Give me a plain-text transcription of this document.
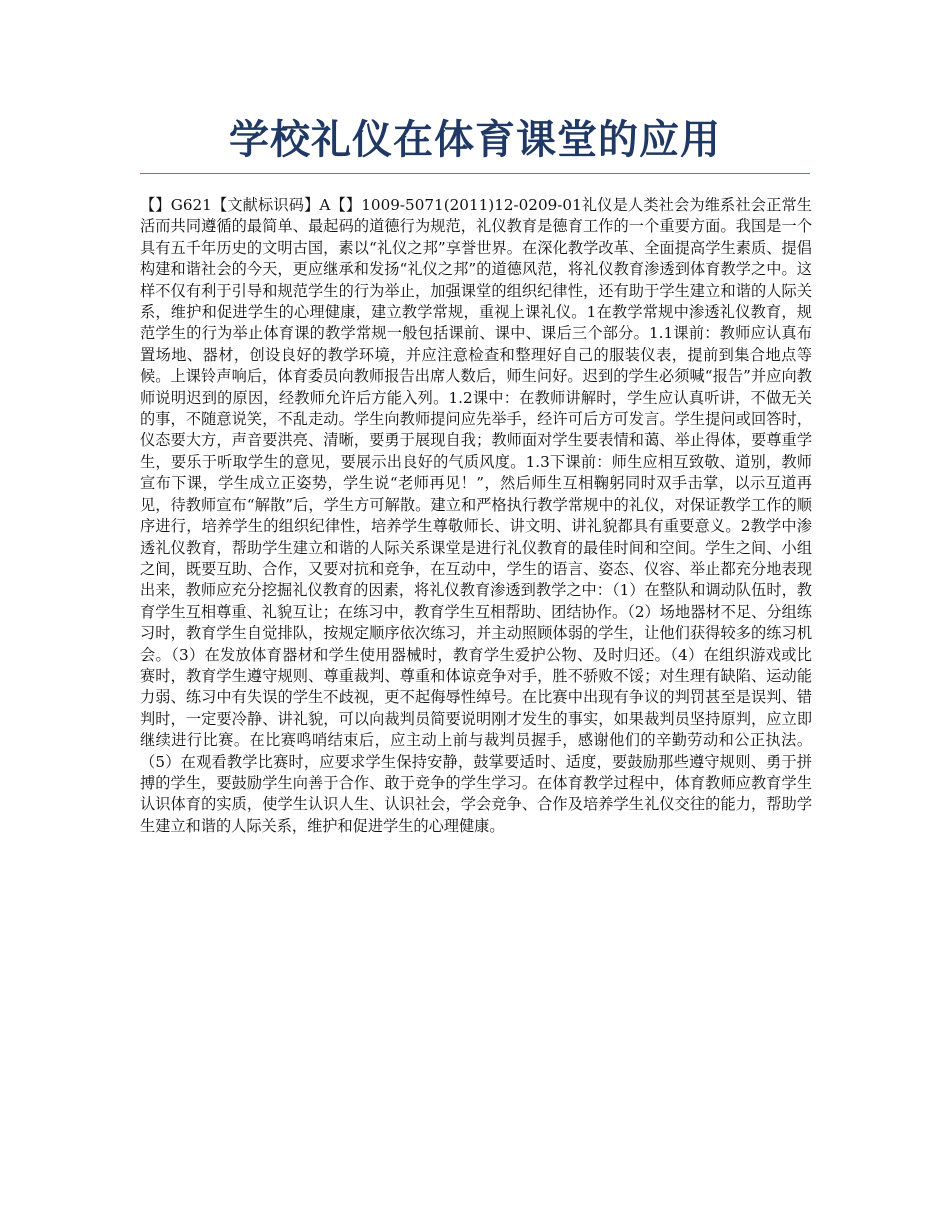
学校礼仪在体育课堂的应用

【】G621【文献标识码】A【】1009-5071(2011)12-0209-01礼仪是人类社会为维系社会正常生活而共同遵循的最简单、最起码的道德行为规范，礼仪教育是德育工作的一个重要方面。我国是一个具有五千年历史的文明古国，素以“礼仪之邦”享誉世界。在深化教学改革、全面提高学生素质、提倡构建和谐社会的今天，更应继承和发扬“礼仪之邦”的道德风范，将礼仪教育渗透到体育教学之中。这样不仅有利于引导和规范学生的行为举止，加强课堂的组织纪律性，还有助于学生建立和谐的人际关系，维护和促进学生的心理健康，建立教学常规，重视上课礼仪。1在教学常规中渗透礼仪教育，规范学生的行为举止体育课的教学常规一般包括课前、课中、课后三个部分。1.1课前：教师应认真布置场地、器材，创设良好的教学环境，并应注意检查和整理好自己的服装仪表，提前到集合地点等候。上课铃声响后，体育委员向教师报告出席人数后，师生问好。迟到的学生必须喊“报告”并应向教师说明迟到的原因，经教师允许后方能入列。1.2课中：在教师讲解时，学生应认真听讲，不做无关的事，不随意说笑，不乱走动。学生向教师提问应先举手，经许可后方可发言。学生提问或回答时，仪态要大方，声音要洪亮、清晰，要勇于展现自我；教师面对学生要表情和蔼、举止得体，要尊重学生，要乐于听取学生的意见，要展示出良好的气质风度。1.3下课前：师生应相互致敬、道别，教师宣布下课，学生成立正姿势，学生说“老师再见！”，然后师生互相鞠躬同时双手击掌，以示互道再见，待教师宣布“解散”后，学生方可解散。建立和严格执行教学常规中的礼仪，对保证教学工作的顺序进行，培养学生的组织纪律性，培养学生尊敬师长、讲文明、讲礼貌都具有重要意义。2教学中渗透礼仪教育，帮助学生建立和谐的人际关系课堂是进行礼仪教育的最佳时间和空间。学生之间、小组之间，既要互助、合作，又要对抗和竞争，在互动中，学生的语言、姿态、仪容、举止都充分地表现出来，教师应充分挖掘礼仪教育的因素，将礼仪教育渗透到教学之中：（1）在整队和调动队伍时，教育学生互相尊重、礼貌互让；在练习中，教育学生互相帮助、团结协作。（2）场地器材不足、分组练习时，教育学生自觉排队，按规定顺序依次练习，并主动照顾体弱的学生，让他们获得较多的练习机会。（3）在发放体育器材和学生使用器械时，教育学生爱护公物、及时归还。（4）在组织游戏或比赛时，教育学生遵守规则、尊重裁判、尊重和体谅竞争对手，胜不骄败不馁；对生理有缺陷、运动能力弱、练习中有失误的学生不歧视，更不起侮辱性绰号。在比赛中出现有争议的判罚甚至是误判、错判时，一定要冷静、讲礼貌，可以向裁判员简要说明刚才发生的事实，如果裁判员坚持原判，应立即继续进行比赛。在比赛鸣哨结束后，应主动上前与裁判员握手，感谢他们的辛勤劳动和公正执法。（5）在观看教学比赛时，应要求学生保持安静，鼓掌要适时、适度，要鼓励那些遵守规则、勇于拼搏的学生，要鼓励学生向善于合作、敢于竞争的学生学习。在体育教学过程中，体育教师应教育学生认识体育的实质，使学生认识人生、认识社会，学会竞争、合作及培养学生礼仪交往的能力，帮助学生建立和谐的人际关系，维护和促进学生的心理健康。
